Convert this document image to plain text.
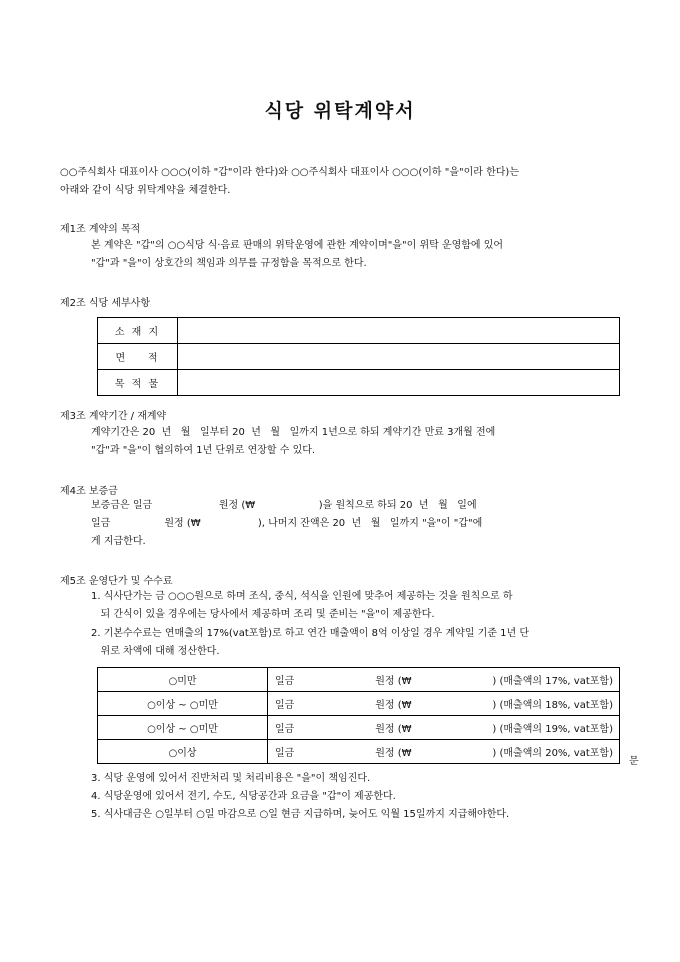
식당 위탁계약서
○○주식회사 대표이사 ○○○(이하 "갑"이라 한다)와 ○○주식회사 대표이사 ○○○(이하 "을"이라 한다)는
아래와 같이 식당 위탁계약을 체결한다.
제1조 계약의 목적
본 계약은 "갑"의 ○○식당 식·음료 판매의 위탁운영에 관한 계약이며"을"이 위탁 운영함에 있어
"갑"과 "을"이 상호간의 책임과 의무를 규정함을 목적으로 한다.
제2조 식당 세부사항
소 재 지	
면    적	
목 적 물	
제3조 계약기간 / 재계약
계약기간은 20  년   월   일부터 20  년   월   일까지 1년으로 하되 계약기간 만료 3개월 전에
"갑"과 "을"이 협의하여 1년 단위로 연장할 수 있다.
제4조 보증금
보증금은 일금                     원정 (₩                    )을 원칙으로 하되 20  년   월   일에
일금                 원정 (₩                  ), 나머지 잔액은 20  년   월   일까지 "을"이 "갑"에
게 지급한다.
제5조 운영단가 및 수수료
1. 식사단가는 금 ○○○원으로 하며 조식, 중식, 석식을 인원에 맞추어 제공하는 것을 원칙으로 하
되 간식이 있을 경우에는 당사에서 제공하며 조리 및 준비는 "을"이 제공한다.
2. 기본수수료는 연매출의 17%(vat포함)로 하고 연간 매출액이 8억 이상일 경우 계약일 기준 1년 단
위로 차액에 대해 정산한다.
○미만	일금 원정 (₩ ) (매출액의 17%, vat포함)

○이상 ~ ○미만	일금 원정 (₩ ) (매출액의 18%, vat포함)

○이상 ~ ○미만	일금 원정 (₩ ) (매출액의 19%, vat포함)

○이상	일금 원정 (₩ ) (매출액의 20%, vat포함)
문
3. 식당 운영에 있어서 진반처리 및 처리비용은 "을"이 책임진다.
4. 식당운영에 있어서 전기, 수도, 식당공간과 요금을 "갑"이 제공한다.
5. 식사대금은 ○일부터 ○일 마감으로 ○일 현금 지급하며, 늦어도 익월 15일까지 지급해야한다.
